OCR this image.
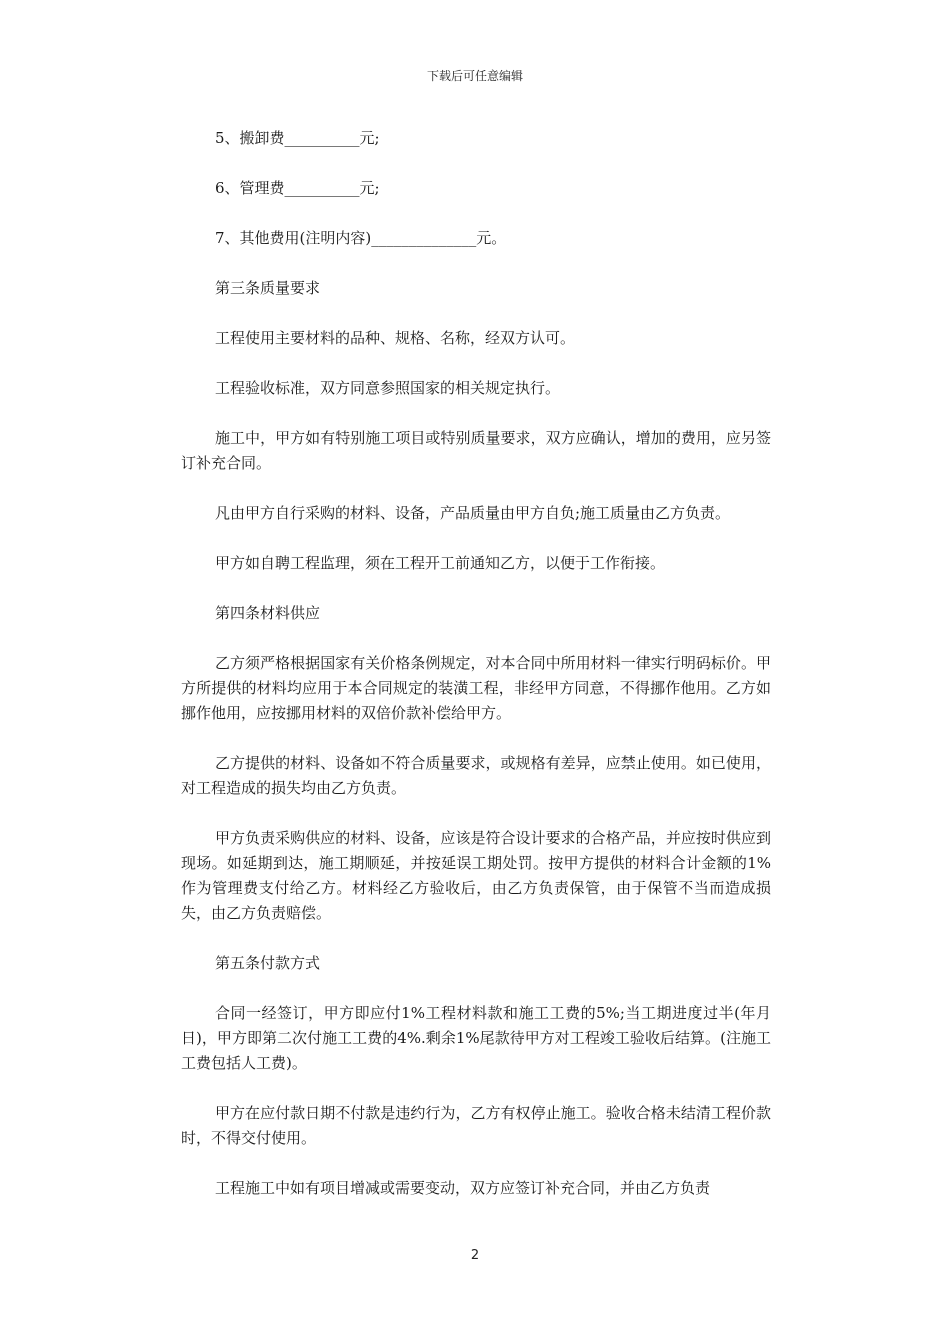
下载后可任意编辑

5、搬卸费__________元;

6、管理费__________元;

7、其他费用(注明内容)______________元。

第三条质量要求

工程使用主要材料的品种、规格、名称，经双方认可。

工程验收标准，双方同意参照国家的相关规定执行。

施工中，甲方如有特别施工项目或特别质量要求，双方应确认，增加的费用，应另签订补充合同。

凡由甲方自行采购的材料、设备，产品质量由甲方自负;施工质量由乙方负责。

甲方如自聘工程监理，须在工程开工前通知乙方，以便于工作衔接。

第四条材料供应

乙方须严格根据国家有关价格条例规定，对本合同中所用材料一律实行明码标价。甲方所提供的材料均应用于本合同规定的装潢工程，非经甲方同意，不得挪作他用。乙方如挪作他用，应按挪用材料的双倍价款补偿给甲方。

乙方提供的材料、设备如不符合质量要求，或规格有差异，应禁止使用。如已使用，对工程造成的损失均由乙方负责。

甲方负责采购供应的材料、设备，应该是符合设计要求的合格产品，并应按时供应到现场。如延期到达，施工期顺延，并按延误工期处罚。按甲方提供的材料合计金额的1%作为管理费支付给乙方。材料经乙方验收后，由乙方负责保管，由于保管不当而造成损失，由乙方负责赔偿。

第五条付款方式

合同一经签订，甲方即应付1%工程材料款和施工工费的5%;当工期进度过半(年月日)，甲方即第二次付施工工费的4%.剩余1%尾款待甲方对工程竣工验收后结算。(注施工工费包括人工费)。

甲方在应付款日期不付款是违约行为，乙方有权停止施工。验收合格未结清工程价款时，不得交付使用。

工程施工中如有项目增减或需要变动，双方应签订补充合同，并由乙方负责

2
